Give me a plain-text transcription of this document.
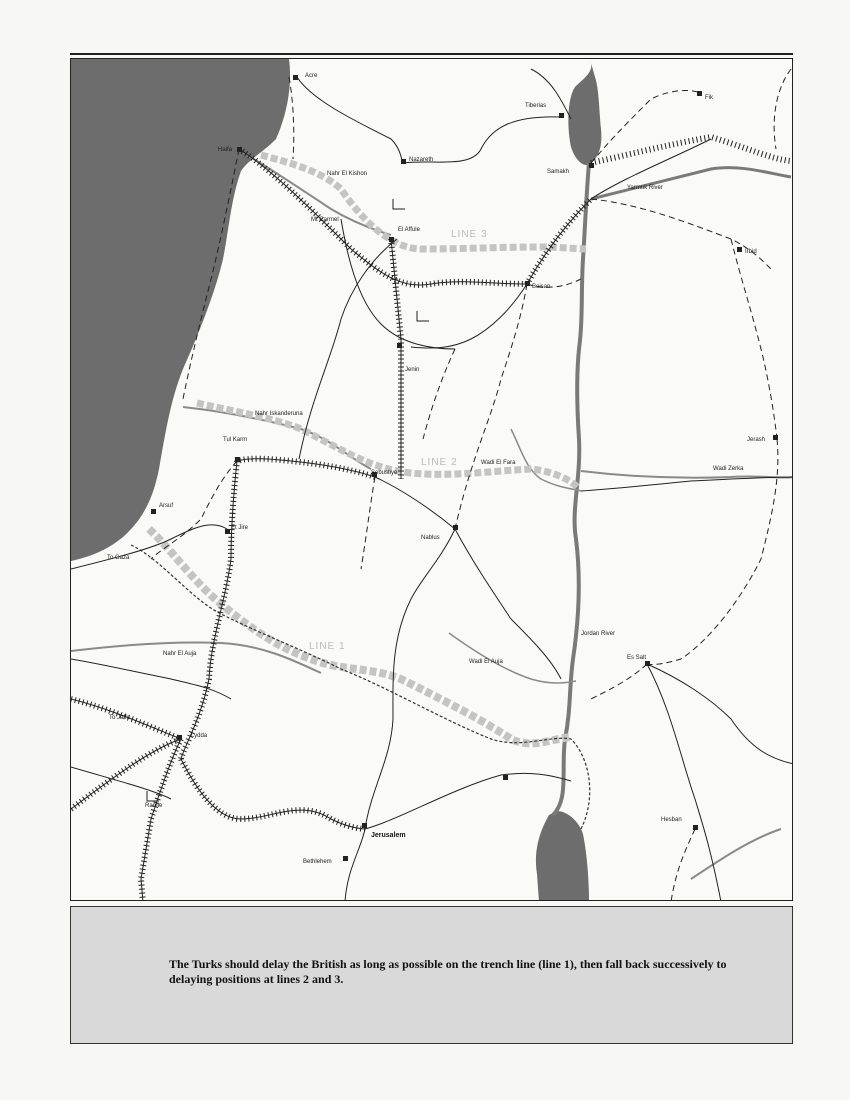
LINE 3
LINE 2
LINE 1
Acre
Haifa
Nazareth
Tiberias
Samakh
El Affule
Mt Carmel
Beisan
Irbid
Jenin
Tul Karm
Sebustiye
Jerash
Arsuf
Et Jire
Nablus
Es Salt
Lydda
Ramle
Jerusalem
Bethlehem
Hesban
Fik
To Gaza
To Jaffa
Nahr El Kishon
Yarmuk River
Nahr Iskanderuna
Wadi El Fara
Wadi Zerka
Nahr El Auja
Wadi El Auja
Jordan River
The Turks should delay the British as long as possible on the trench line (line 1), then fall back successively to delaying positions at lines 2 and 3.
